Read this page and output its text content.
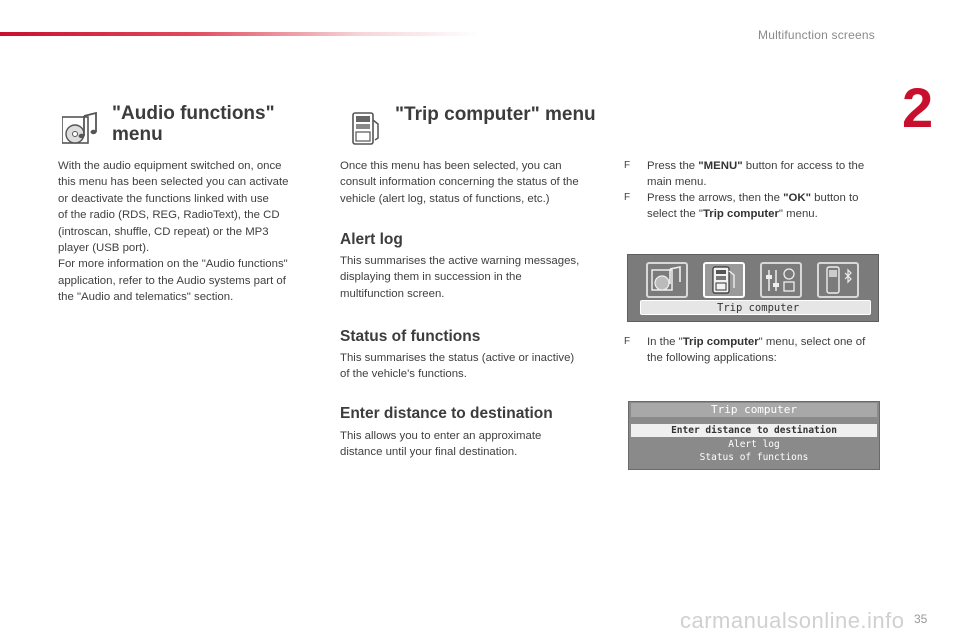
Multifunction screens
2
"Audio functions"
menu

With the audio equipment switched on, once
this menu has been selected you can activate
or deactivate the functions linked with use
of the radio (RDS, REG, RadioText), the CD
(introscan, shuffle, CD repeat) or the MP3
player (USB port).
For more information on the "Audio functions"
application, refer to the Audio systems part of
the "Audio and telematics" section.

"Trip computer" menu

Once this menu has been selected, you can
consult information concerning the status of the
vehicle (alert log, status of functions, etc.)

Alert log

This summarises the active warning messages,
displaying them in succession in the
multifunction screen.

Status of functions

This summarises the status (active or inactive)
of the vehicle's functions.

Enter distance to destination

This allows you to enter an approximate
distance until your final destination.

F Press the "MENU" button for access to the
main menu.
F Press the arrows, then the "OK" button to
select the "Trip computer" menu.
Trip computer
F In the "Trip computer" menu, select one of
the following applications:
Trip computer
Enter distance to destination
Alert log
Status of functions
carmanualsonline.info 35
